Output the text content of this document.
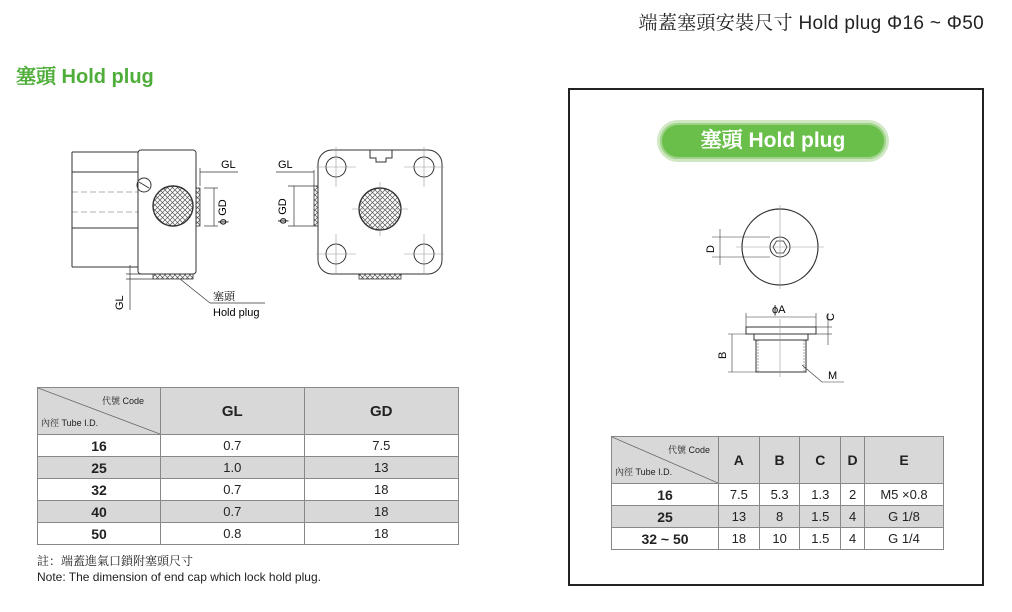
端蓋塞頭安裝尺寸 Hold plug Φ16 ~ Φ50
塞頭 Hold plug
GL
ϕ GD
GL	塞頭
Hold plug
GL
ϕ GD
代號 Code
內徑 Tube I.D.	GL	GD
16	0.7	7.5
25	1.0	13
32	0.7	18
40	0.7	18
50	0.8	18
註：端蓋進氣口鎖附塞頭尺寸
Note: The dimension of end cap which lock hold plug.
塞頭 Hold plug
D
ϕA
C
B
M
代號 Code
內徑 Tube I.D.	A	B	C	D	E
16	7.5	5.3	1.3	2	M5 ×0.8
25	13	8	1.5	4	G 1/8
32 ~ 50	18	10	1.5	4	G 1/4
